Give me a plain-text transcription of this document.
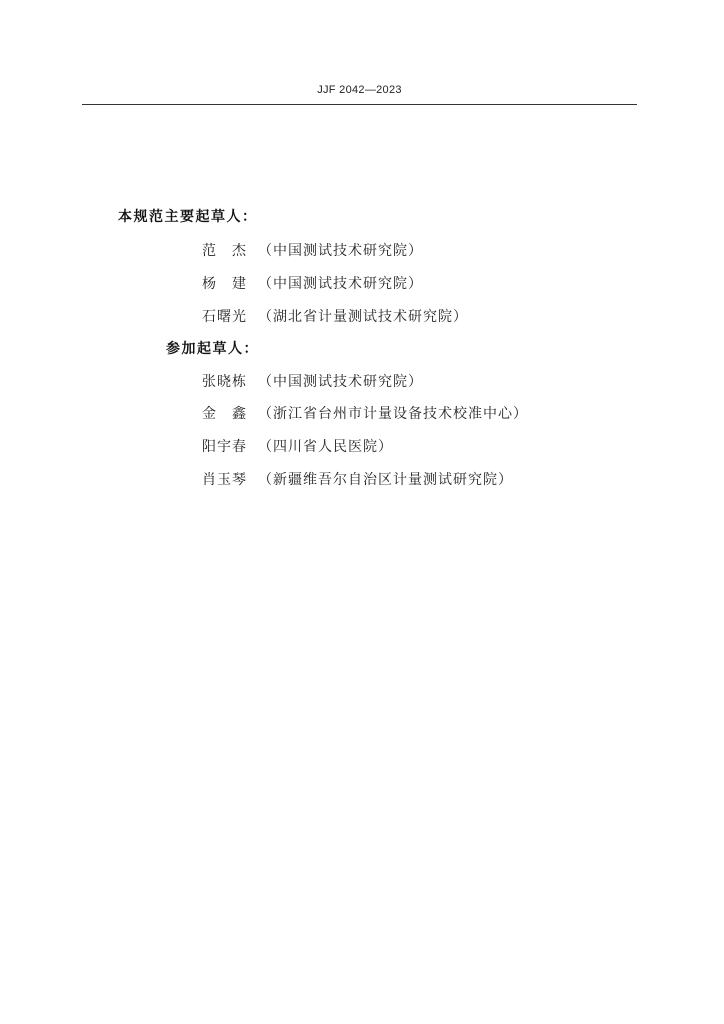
JJF 2042—2023
本规范主要起草人：
范　杰 （中国测试技术研究院）
杨　建 （中国测试技术研究院）
石曙光 （湖北省计量测试技术研究院）
参加起草人：
张晓栋 （中国测试技术研究院）
金　鑫 （浙江省台州市计量设备技术校准中心）
阳宇春 （四川省人民医院）
肖玉琴 （新疆维吾尔自治区计量测试研究院）
